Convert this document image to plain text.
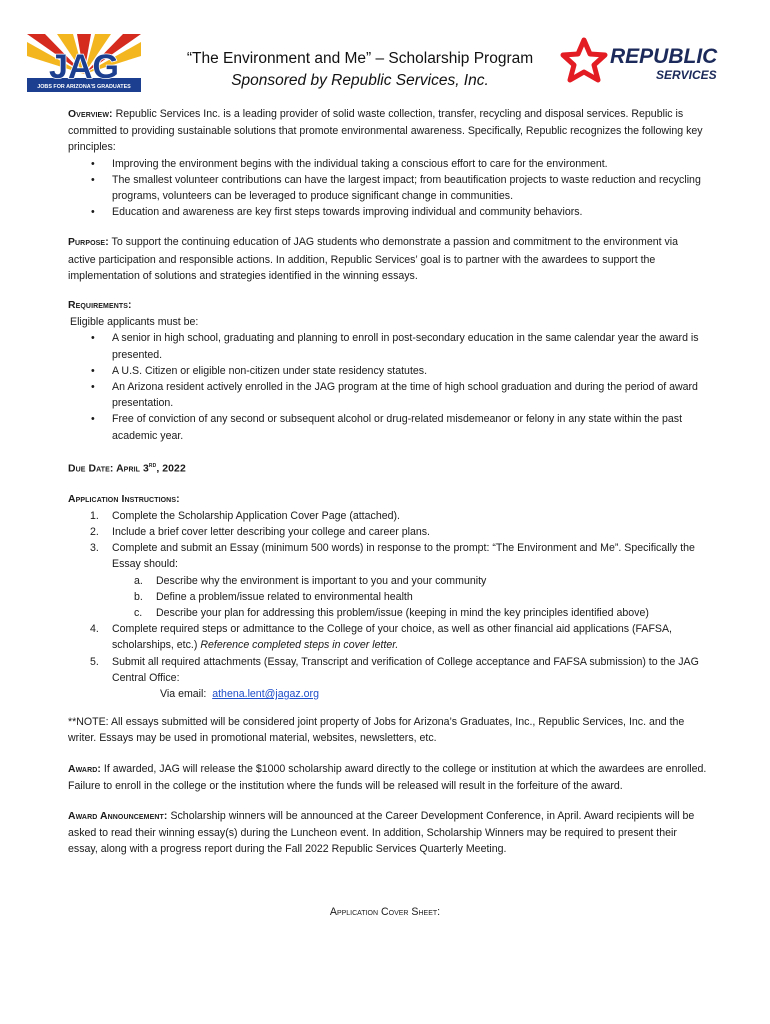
JAG
JOBS FOR ARIZONA'S GRADUATES
“The Environment and Me” – Scholarship Program
Sponsored by Republic Services, Inc.
REPUBLIC
SERVICES

Overview: Republic Services Inc. is a leading provider of solid waste collection, transfer, recycling and disposal services. Republic is committed to providing sustainable solutions that promote environmental awareness. Specifically, Republic recognizes the following key principles:

• Improving the environment begins with the individual taking a conscious effort to care for the environment.
• The smallest volunteer contributions can have the largest impact; from beautification projects to waste reduction and recycling programs, volunteers can be leveraged to produce significant change in communities.
• Education and awareness are key first steps towards improving individual and community behaviors.

Purpose: To support the continuing education of JAG students who demonstrate a passion and commitment to the environment via active participation and responsible actions. In addition, Republic Services’ goal is to partner with the awardees to support the implementation of solutions and strategies identified in the winning essays.

Requirements:

Eligible applicants must be:

• A senior in high school, graduating and planning to enroll in post-secondary education in the same calendar year the award is presented.
• A U.S. Citizen or eligible non-citizen under state residency statutes.
• An Arizona resident actively enrolled in the JAG program at the time of high school graduation and during the period of award presentation.
• Free of conviction of any second or subsequent alcohol or drug-related misdemeanor or felony in any state within the past academic year.

Due Date: April 3rd, 2022

Application Instructions:

1. Complete the Scholarship Application Cover Page (attached).
2. Include a brief cover letter describing your college and career plans.
3. Complete and submit an Essay (minimum 500 words) in response to the prompt: “The Environment and Me”. Specifically the Essay should:
a. Describe why the environment is important to you and your community
b. Define a problem/issue related to environmental health
c. Describe your plan for addressing this problem/issue (keeping in mind the key principles identified above)
4. Complete required steps or admittance to the College of your choice, as well as other financial aid applications (FAFSA, scholarships, etc.) Reference completed steps in cover letter.
5. Submit all required attachments (Essay, Transcript and verification of College acceptance and FAFSA submission) to the JAG Central Office:
Via email: athena.lent@jagaz.org

**NOTE: All essays submitted will be considered joint property of Jobs for Arizona’s Graduates, Inc., Republic Services, Inc. and the writer. Essays may be used in promotional material, websites, newsletters, etc.

Award: If awarded, JAG will release the $1000 scholarship award directly to the college or institution at which the awardees are enrolled. Failure to enroll in the college or the institution where the funds will be released will result in the forfeiture of the award.

Award Announcement: Scholarship winners will be announced at the Career Development Conference, in April. Award recipients will be asked to read their winning essay(s) during the Luncheon event. In addition, Scholarship Winners may be required to present their essay, along with a progress report during the Fall 2022 Republic Services Quarterly Meeting.

Application Cover Sheet:
